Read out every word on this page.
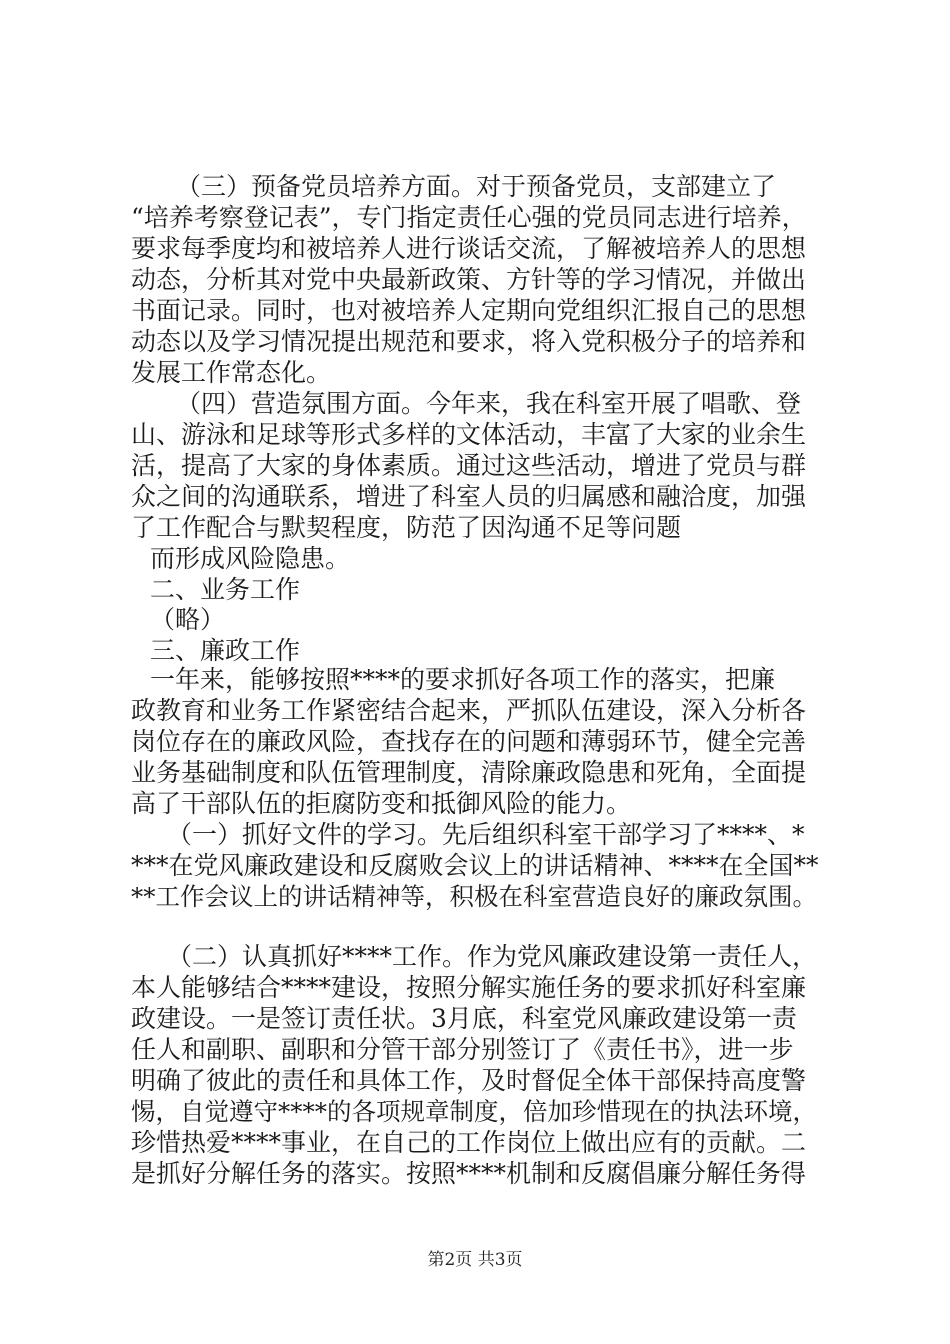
（三）预备党员培养方面。对于预备党员，支部建立了
“培养考察登记表”，专门指定责任心强的党员同志进行培养，
要求每季度均和被培养人进行谈话交流，了解被培养人的思想
动态，分析其对党中央最新政策、方针等的学习情况，并做出
书面记录。同时，也对被培养人定期向党组织汇报自己的思想
动态以及学习情况提出规范和要求，将入党积极分子的培养和
发展工作常态化。
（四）营造氛围方面。今年来，我在科室开展了唱歌、登
山、游泳和足球等形式多样的文体活动，丰富了大家的业余生
活，提高了大家的身体素质。通过这些活动，增进了党员与群
众之间的沟通联系，增进了科室人员的归属感和融洽度，加强
了工作配合与默契程度，防范了因沟通不足等问题
而形成风险隐患。
二、业务工作
（略）
三、廉政工作
一年来，能够按照****的要求抓好各项工作的落实，把廉
政教育和业务工作紧密结合起来，严抓队伍建设，深入分析各
岗位存在的廉政风险，查找存在的问题和薄弱环节，健全完善
业务基础制度和队伍管理制度，清除廉政隐患和死角，全面提
高了干部队伍的拒腐防变和抵御风险的能力。
（一）抓好文件的学习。先后组织科室干部学习了****、*
***在党风廉政建设和反腐败会议上的讲话精神、****在全国**
**工作会议上的讲话精神等，积极在科室营造良好的廉政氛围。
（二）认真抓好****工作。作为党风廉政建设第一责任人，
本人能够结合****建设，按照分解实施任务的要求抓好科室廉
政建设。一是签订责任状。3月底，科室党风廉政建设第一责
任人和副职、副职和分管干部分别签订了《责任书》，进一步
明确了彼此的责任和具体工作，及时督促全体干部保持高度警
惕，自觉遵守****的各项规章制度，倍加珍惜现在的执法环境，
珍惜热爱****事业，在自己的工作岗位上做出应有的贡献。二
是抓好分解任务的落实。按照****机制和反腐倡廉分解任务得
第2页 共3页
